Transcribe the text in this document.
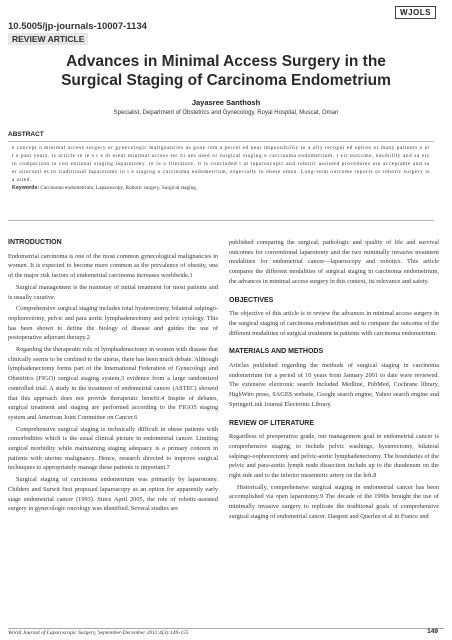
WJOLS
10.5005/jp-journals-10007-1134
REVIEW ARTICLE
Advances in Minimal Access Surgery in the
Surgical Staging of Carcinoma Endometrium
Jayasree Santhosh
Specialist, Department of Obstetrics and Gynecology, Royal Hospital, Muscat, Oman
ABSTRACT

e concept o minimal access surgery or gynecologic malignancies as gone rom a percei ed near impossibility to a ully recogni ed option or many patients o er t e past years. is article re ie s t e di erent minimal access tec ni ues used or surgical staging o carcinoma endometrium, t eir outcome, easibility and sa ety in comparison to con entional staging laparotomy. re ie o literature, it is concluded t at laparoscopic and robotic assisted procedures are acceptable and sa er alternati es to traditional laparotomy in t e staging o carcinoma endometrium, especially in obese omen. Long-term outcome reports or robotic surgery is a aited.

Keywords: Carcinoma endometrium, Laparoscopy, Robotic surgery, Surgical staging.
INTRODUCTION

Endometrial carcinoma is one of the most common gynecological malignancies in women. It is expected to become more common as the prevalence of obesity, one of the major risk factors of endometrial carcinoma increases worldwide.1

Surgical management is the mainstay of initial treatment for most patients and is usually curative.

Comprehensive surgical staging includes total hysterectomy, bilateral salpingo-oophorectomy, pelvic and para aortic lymphadenectomy and pelvic cytology. This has been shown to define the biology of disease and guides the use of postoperative adjuvant therapy.2

Regarding the therapeutic role of lymphadenectomy in women with disease that clinically seems to be confined to the uterus, there has been much debate. Although lymphadenectomy forms part of the International Federation of Gynecology and Obstetrics (FIGO) surgical staging system,3 evidence from a large randomized controlled trial. A study in the treatment of endometrial cancer (ASTEC) showed that this approach does not provide therapeutic benefit.4 Inspite of debates, surgical treatment and staging are performed according to the FIGO5 staging system and American Joint Committee on Cancer.6

Comprehensive surgical staging is technically difficult in obese patients with comorbidities which is the usual clinical picture in endometrial cancer. Limiting surgical morbidity while maintaining staging adequacy is a primary concern in patients with uterine malignancy. Hence, research directed to improve surgical techniques to appropriately manage these patients is important.7

Surgical staging of carcinoma endometrium was primarily by laparotomy. Childers and Surwit first proposed laparoscopy as an option for apparently early stage endometrial cancer (1993). Since April 2005, the role of robotic-assisted surgery in gynecologic oncology was identified. Several studies are

published comparing the surgical, pathologic and quality of life and survival outcomes for conventional laparotomy and the two minimally invasive treatment modalities for endometrial cancer—laparoscopy and robotics. This article compares the different modalities of surgical staging in carcinoma endometrium, the advances in minimal access surgery in this context, its relevance and safety.

OBJECTIVES

The objective of this article is to review the advances in minimal access surgery in the surgical staging of carcinoma endometrium and to compare the outcome of the different modalities of surgical treatment in patients with carcinoma endometrium.

MATERIALS AND METHODS

Articles published regarding the methods of surgical staging in carcinoma endometrium for a period of 10 years from January 2001 to date were reviewed. The extensive electronic search included Medline, PubMed, Cochrane library, HighWire press, SAGES website, Google search engine, Yahoo search engine and SpringerLink Journal Electronic Library.

REVIEW OF LITERATURE

Regardless of preoperative grade, our management goal in endometrial cancer is comprehensive staging, to include pelvic washings, hysterectomy, bilateral salpingo-oophorectomy and pelvic-aortic lymphadenectomy. The boundaries of the pelvic and para-aortic lymph node dissection include up to the duodenum on the right side and to the inferior mesenteric artery on the left.8

Historically, comprehensive surgical staging in endometrial cancer has been accomplished via open laparotomy.9 The decade of the 1990s brought the use of minimally invasive surgery to replicate the traditional goals of comprehensive surgical staging of endometrial cancer. Dargent and Querleu et al in France and

World Journal of Laparoscopic Surgery, September-December 2011;4(3):149-155	149
